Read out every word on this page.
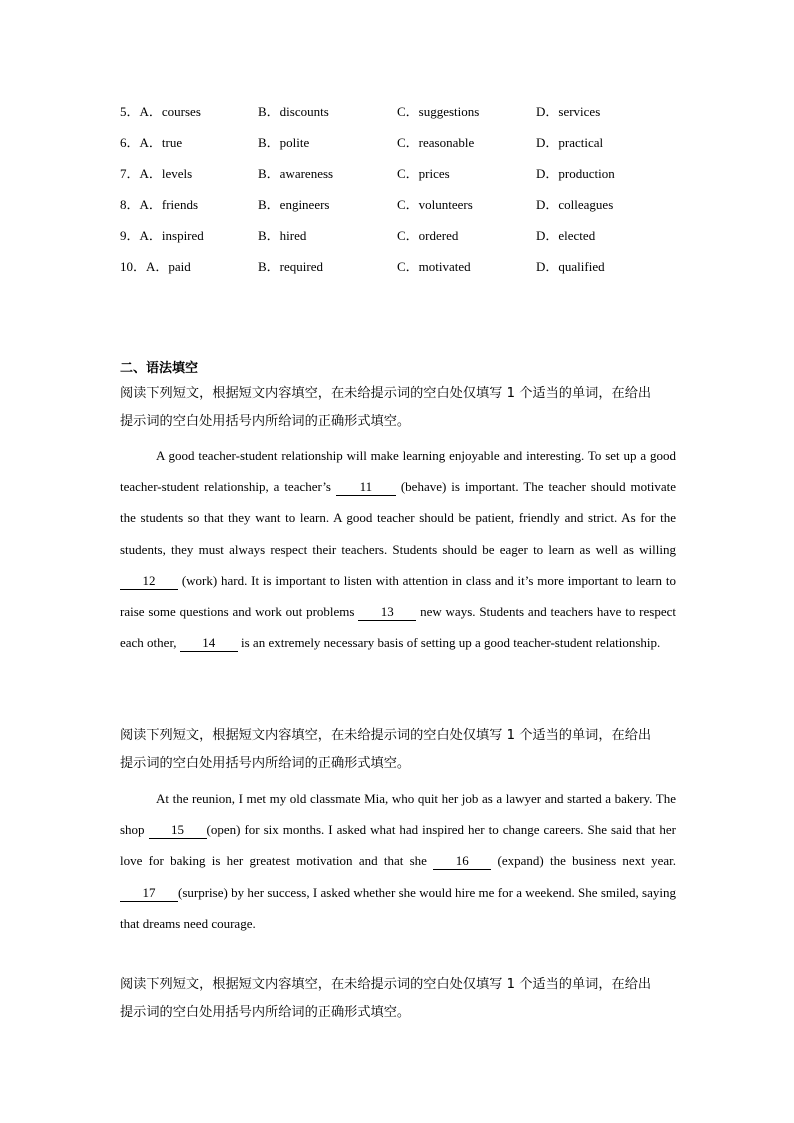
5．A．courses	B．discounts	C．suggestions	D．services
6．A．true	B．polite	C．reasonable	D．practical
7．A．levels	B．awareness	C．prices	D．production
8．A．friends	B．engineers	C．volunteers	D．colleagues
9．A．inspired	B．hired	C．ordered	D．elected
10．A．paid	B．required	C．motivated	D．qualified
二、语法填空
阅读下列短文，根据短文内容填空，在未给提示词的空白处仅填写 1 个适当的单词，在给出
提示词的空白处用括号内所给词的正确形式填空。
A good teacher-student relationship will make learning enjoyable and interesting. To set up a good teacher-student relationship, a teacher’s 11 (behave) is important. The teacher should motivate the students so that they want to learn. A good teacher should be patient, friendly and strict. As for the students, they must always respect their teachers. Students should be eager to learn as well as willing 12 (work) hard. It is important to listen with attention in class and it’s more important to learn to raise some questions and work out problems 13 new ways. Students and teachers have to respect each other, 14 is an extremely necessary basis of setting up a good teacher-student relationship.
阅读下列短文，根据短文内容填空，在未给提示词的空白处仅填写 1 个适当的单词，在给出
提示词的空白处用括号内所给词的正确形式填空。
At the reunion, I met my old classmate Mia, who quit her job as a lawyer and started a bakery. The shop 15 (open) for six months. I asked what had inspired her to change careers. She said that her love for baking is her greatest motivation and that she 16 (expand) the business next year. 17 (surprise) by her success, I asked whether she would hire me for a weekend. She smiled, saying that dreams need courage.
阅读下列短文，根据短文内容填空，在未给提示词的空白处仅填写 1 个适当的单词，在给出
提示词的空白处用括号内所给词的正确形式填空。
